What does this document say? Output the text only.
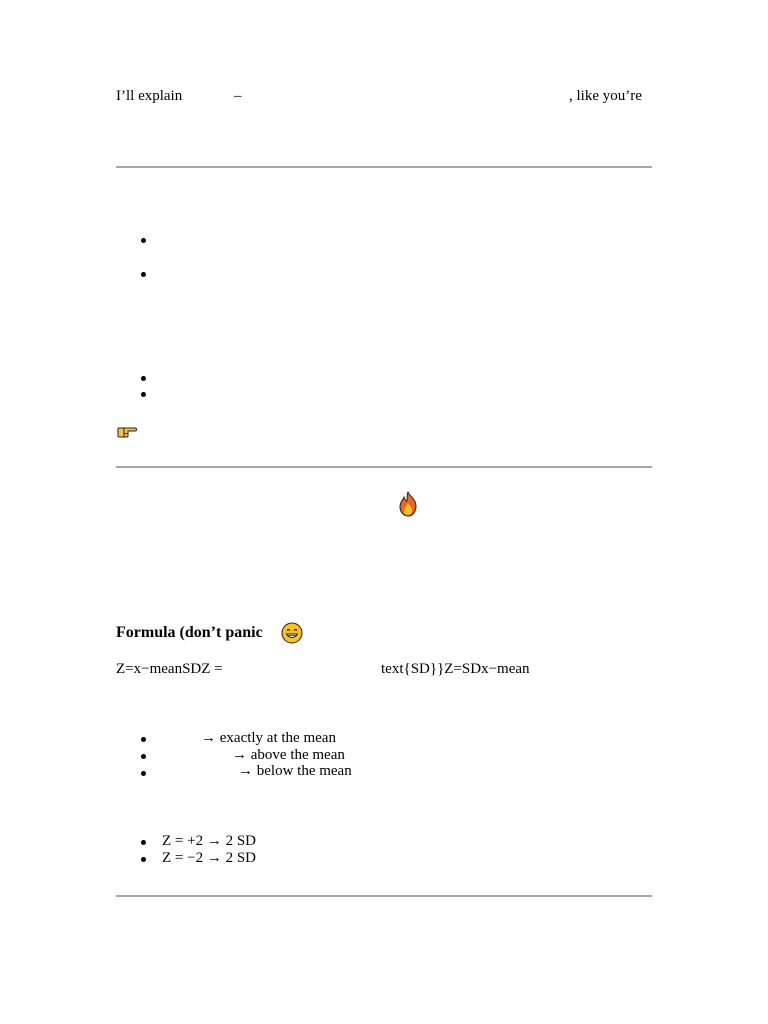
I’ll explain	–	, like you’re
Formula (don’t panic
Z=x−meanSDZ =	text{SD}}Z=SDx−mean
→ exactly at the mean
→ above the mean
→ below the mean
Z = +2 → 2 SD
Z = −2 → 2 SD
